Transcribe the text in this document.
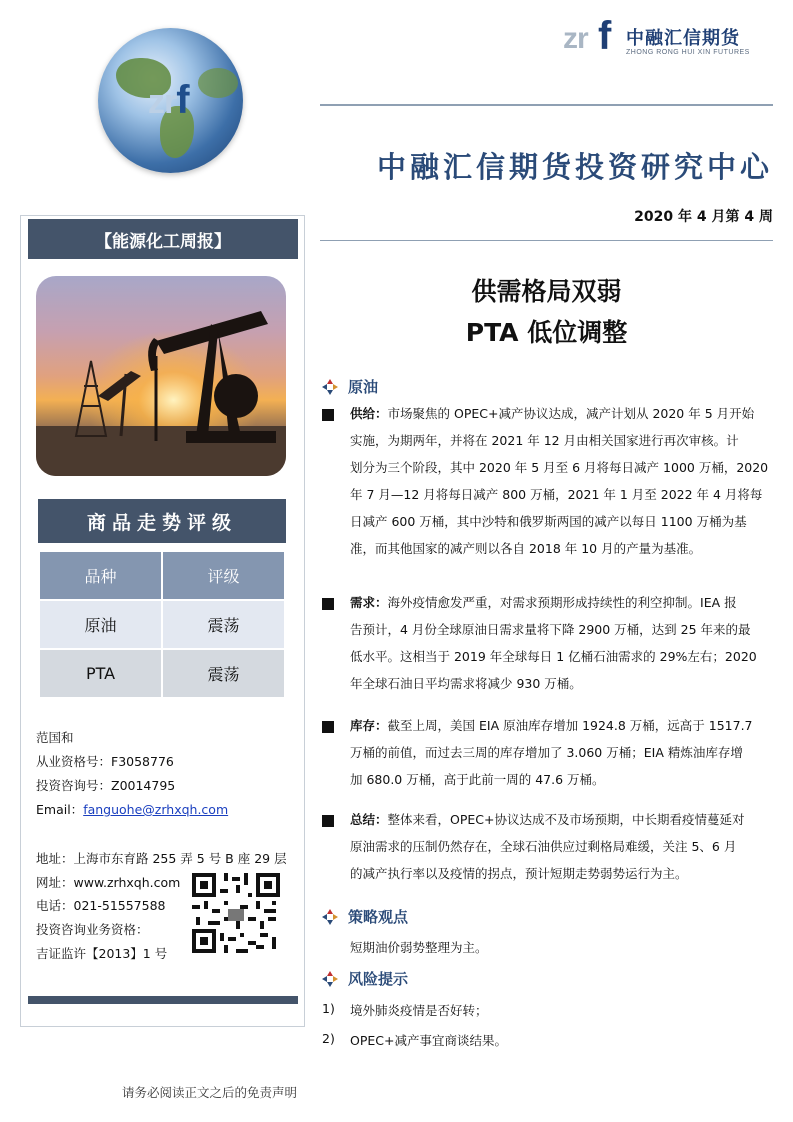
zrf
zr f 中融汇信期货
ZHONG RONG HUI XIN FUTURES
中融汇信期货投资研究中心
2020 年 4 月第 4 周
【能源化工周报】
商品走势评级
品种	评级
原油	震荡
PTA	震荡
范国和
从业资格号：F3058776
投资咨询号：Z0014795
Email：fanguohe@zrhxqh.com
地址：上海市东育路 255 弄 5 号 B 座 29 层
网址：www.zrhxqh.com
电话：021-51557588
投资咨询业务资格：
吉证监许【2013】1 号
供需格局双弱
PTA 低位调整
原油
供给：市场聚焦的 OPEC+减产协议达成，减产计划从 2020 年 5 月开始
实施，为期两年，并将在 2021 年 12 月由相关国家进行再次审核。计
划分为三个阶段，其中 2020 年 5 月至 6 月将每日减产 1000 万桶，2020
年 7 月—12 月将每日减产 800 万桶，2021 年 1 月至 2022 年 4 月将每
日减产 600 万桶，其中沙特和俄罗斯两国的减产以每日 1100 万桶为基
准，而其他国家的减产则以各自 2018 年 10 月的产量为基准。
需求：海外疫情愈发严重，对需求预期形成持续性的利空抑制。IEA 报
告预计，4 月份全球原油日需求量将下降 2900 万桶，达到 25 年来的最
低水平。这相当于 2019 年全球每日 1 亿桶石油需求的 29%左右；2020
年全球石油日平均需求将减少 930 万桶。
库存：截至上周，美国 EIA 原油库存增加 1924.8 万桶，远高于 1517.7
万桶的前值，而过去三周的库存增加了 3.060 万桶；EIA 精炼油库存增
加 680.0 万桶，高于此前一周的 47.6 万桶。
总结：整体来看，OPEC+协议达成不及市场预期，中长期看疫情蔓延对
原油需求的压制仍然存在，全球石油供应过剩格局难缓，关注 5、6 月
的减产执行率以及疫情的拐点，预计短期走势弱势运行为主。
策略观点
短期油价弱势整理为主。
风险提示
1) 境外肺炎疫情是否好转；
2) OPEC+减产事宜商谈结果。
请务必阅读正文之后的免责声明
